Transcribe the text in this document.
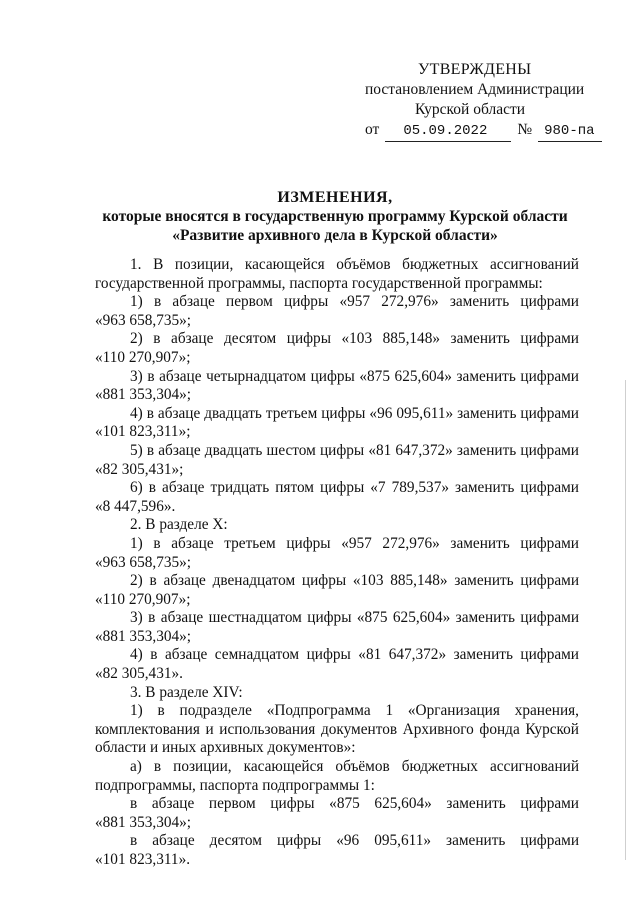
УТВЕРЖДЕНЫ
постановлением Администрации
Курской области
от	05.09.2022	№ 980-па
ИЗМЕНЕНИЯ,
которые вносятся в государственную программу Курской области
«Развитие архивного дела в Курской области»
1. В позиции, касающейся объёмов бюджетных ассигнований
государственной программы, паспорта государственной программы:
1) в абзаце первом цифры «957 272,976» заменить цифрами
«963 658,735»;
2) в абзаце десятом цифры «103 885,148» заменить цифрами
«110 270,907»;
3) в абзаце четырнадцатом цифры «875 625,604» заменить цифрами
«881 353,304»;
4) в абзаце двадцать третьем цифры «96 095,611» заменить цифрами
«101 823,311»;
5) в абзаце двадцать шестом цифры «81 647,372» заменить цифрами
«82 305,431»;
6) в абзаце тридцать пятом цифры «7 789,537» заменить цифрами
«8 447,596».
2. В разделе X:
1) в абзаце третьем цифры «957 272,976» заменить цифрами
«963 658,735»;
2) в абзаце двенадцатом цифры «103 885,148» заменить цифрами
«110 270,907»;
3) в абзаце шестнадцатом цифры «875 625,604» заменить цифрами
«881 353,304»;
4) в абзаце семнадцатом цифры «81 647,372» заменить цифрами
«82 305,431».
3. В разделе XIV:
1) в подразделе «Подпрограмма 1 «Организация хранения,
комплектования и использования документов Архивного фонда Курской
области и иных архивных документов»:
а) в позиции, касающейся объёмов бюджетных ассигнований
подпрограммы, паспорта подпрограммы 1:
в абзаце первом цифры «875 625,604» заменить цифрами
«881 353,304»;
в абзаце десятом цифры «96 095,611» заменить цифрами
«101 823,311».
